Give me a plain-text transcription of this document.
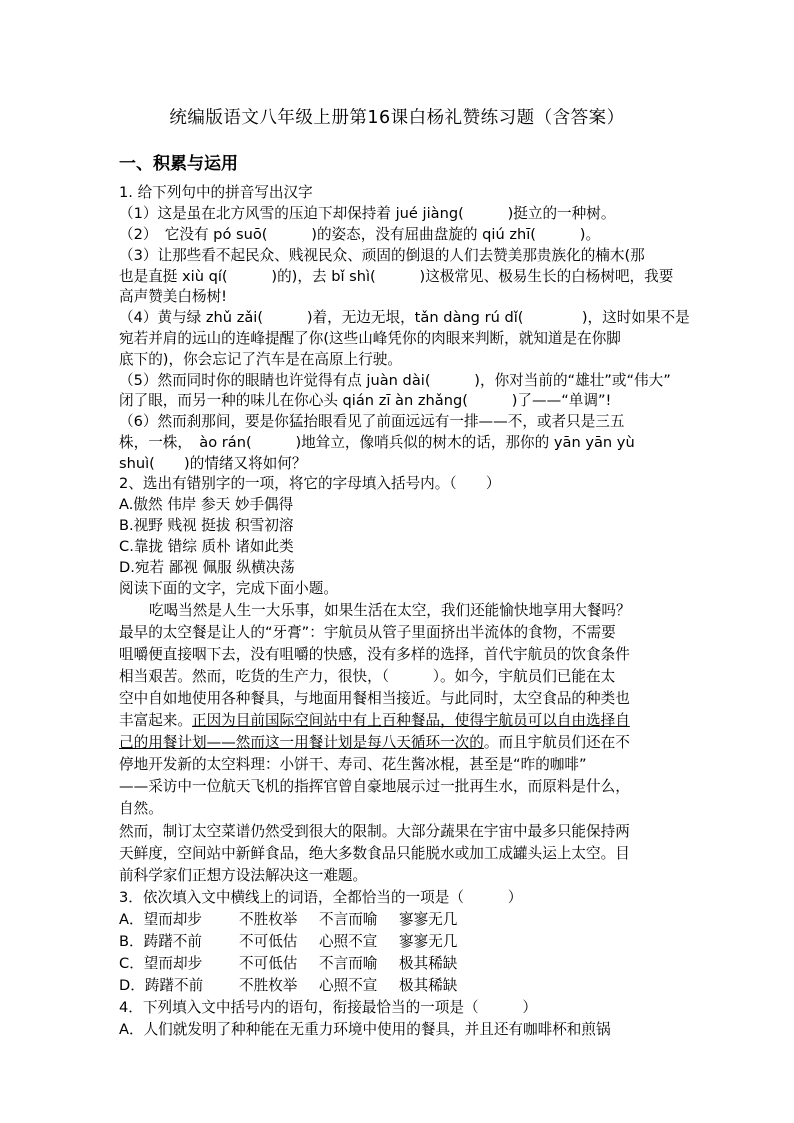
统编版语文八年级上册第16课白杨礼赞练习题（含答案）
一、积累与运用
1. 给下列句中的拼音写出汉字
（1）这是虽在北方风雪的压迫下却保持着 jué jiàng(　　　)挺立的一种树。
（2）　它没有 pó suō(　　　)的姿态，没有屈曲盘旋的 qiú zhī(　　　)。
（3）让那些看不起民众、贱视民众、顽固的倒退的人们去赞美那贵族化的楠木(那
也是直挺 xiù qí(　　　)的)，去 bǐ shì(　　　)这极常见、极易生长的白杨树吧，我要
高声赞美白杨树!
（4）黄与绿 zhǔ zǎi(　　　)着，无边无垠，tǎn dàng rú dǐ(　　　　)，这时如果不是
宛若并肩的远山的连峰提醒了你(这些山峰凭你的肉眼来判断，就知道是在你脚
底下的)，你会忘记了汽车是在高原上行驶。
（5）然而同时你的眼睛也许觉得有点 juàn dài(　　　)，你对当前的“雄壮”或“伟大”
闭了眼，而另一种的味儿在你心头 qián zī àn zhǎng(　　　)了——“单调”!
（6）然而刹那间，要是你猛抬眼看见了前面远远有一排——不，或者只是三五
株，一株，　ào rán(　　　)地耸立，像哨兵似的树木的话，那你的 yān yān yù
shuì(　　)的情绪又将如何？
2、选出有错别字的一项，将它的字母填入括号内。（　　）
A.傲然 伟岸 参天 妙手偶得
B.视野 贱视 挺拔 积雪初溶
C.靠拢 错综 质朴 诸如此类
D.宛若 鄙视 佩服 纵横决荡
阅读下面的文字，完成下面小题。
吃喝当然是人生一大乐事，如果生活在太空，我们还能愉快地享用大餐吗？
最早的太空餐是让人的“牙膏”：宇航员从管子里面挤出半流体的食物，不需要
咀嚼便直接咽下去，没有咀嚼的快感，没有多样的选择，首代宇航员的饮食条件
相当艰苦。然而，吃货的生产力，很快，（　　　）。如今，宇航员们已能在太
空中自如地使用各种餐具，与地面用餐相当接近。与此同时，太空食品的种类也
丰富起来。正因为目前国际空间站中有上百种餐品，使得宇航员可以自由选择自
己的用餐计划——然而这一用餐计划是每八天循环一次的。而且宇航员们还在不
停地开发新的太空料理：小饼干、寿司、花生酱冰棍，甚至是“昨的咖啡”
——采访中一位航天飞机的指挥官曾自豪地展示过一批再生水，而原料是什么，
自然。
然而，制订太空菜谱仍然受到很大的限制。大部分蔬果在宇宙中最多只能保持两
天鲜度，空间站中新鲜食品，绝大多数食品只能脱水或加工成罐头运上太空。目
前科学家们正想方设法解决这一难题。
3．依次填入文中横线上的词语，全都恰当的一项是（　　　）
A．望而却步	不胜枚举 不言而喻 寥寥无几
B．踌躇不前	不可低估 心照不宣 寥寥无几
C．望而却步	不可低估 不言而喻 极其稀缺
D．踌躇不前 不胜枚举 心照不宣 极其稀缺
4．下列填入文中括号内的语句，衔接最恰当的一项是（　　　）
A．人们就发明了种种能在无重力环境中使用的餐具，并且还有咖啡杯和煎锅
